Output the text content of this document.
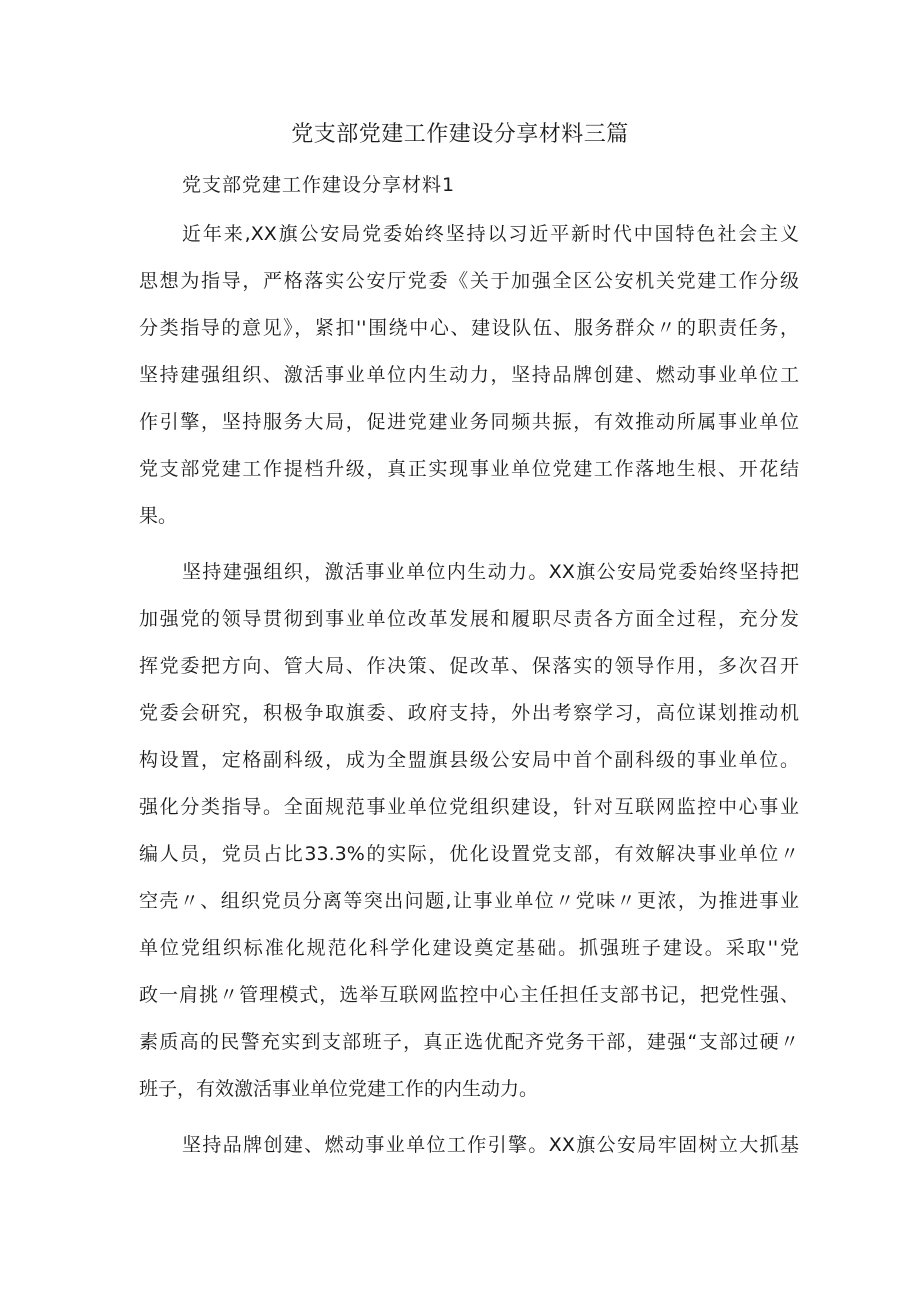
党支部党建工作建设分享材料三篇
党支部党建工作建设分享材料1

近年来,XX旗公安局党委始终坚持以习近平新时代中国特色社会主义

思想为指导，严格落实公安厅党委《关于加强全区公安机关党建工作分级

分类指导的意见》，紧扣''围绕中心、建设队伍、服务群众〃的职责任务，

坚持建强组织、激活事业单位内生动力，坚持品牌创建、燃动事业单位工

作引擎，坚持服务大局，促进党建业务同频共振，有效推动所属事业单位

党支部党建工作提档升级，真正实现事业单位党建工作落地生根、开花结

果。

坚持建强组织，激活事业单位内生动力。XX旗公安局党委始终坚持把

加强党的领导贯彻到事业单位改革发展和履职尽责各方面全过程，充分发

挥党委把方向、管大局、作决策、促改革、保落实的领导作用，多次召开

党委会研究，积极争取旗委、政府支持，外出考察学习，高位谋划推动机

构设置，定格副科级，成为全盟旗县级公安局中首个副科级的事业单位。

强化分类指导。全面规范事业单位党组织建设，针对互联网监控中心事业

编人员，党员占比33.3%的实际，优化设置党支部，有效解决事业单位〃

空壳〃、组织党员分离等突出问题,让事业单位〃党味〃更浓，为推进事业

单位党组织标准化规范化科学化建设奠定基础。抓强班子建设。采取''党

政一肩挑〃管理模式，选举互联网监控中心主任担任支部书记，把党性强、

素质高的民警充实到支部班子，真正选优配齐党务干部，建强“支部过硬〃

班子，有效激活事业单位党建工作的内生动力。

坚持品牌创建、燃动事业单位工作引擎。XX旗公安局牢固树立大抓基
